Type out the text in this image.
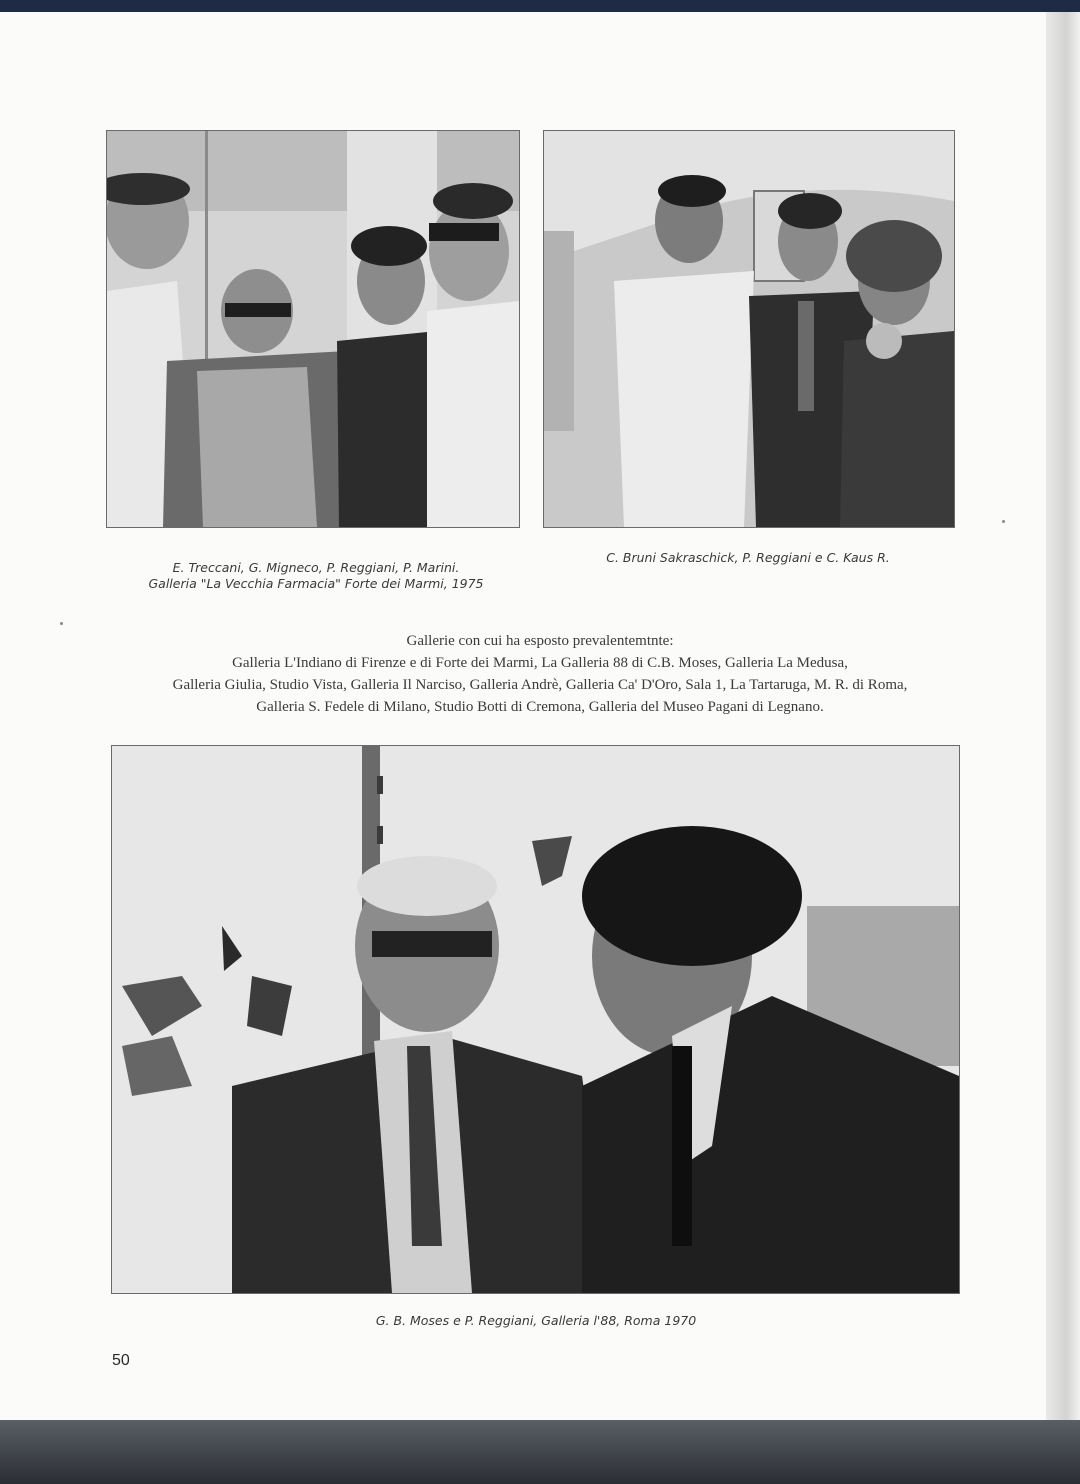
E. Treccani, G. Migneco, P. Reggiani, P. Marini.
Galleria "La Vecchia Farmacia" Forte dei Marmi, 1975
C. Bruni Sakraschick, P. Reggiani e C. Kaus R.
Gallerie con cui ha esposto prevalentemtnte:
Galleria L'Indiano di Firenze e di Forte dei Marmi, La Galleria 88 di C.B. Moses, Galleria La Medusa,
Galleria Giulia, Studio Vista, Galleria Il Narciso, Galleria Andrè, Galleria Ca' D'Oro, Sala 1, La Tartaruga, M. R. di Roma,
Galleria S. Fedele di Milano, Studio Botti di Cremona, Galleria del Museo Pagani di Legnano.
G. B. Moses e P. Reggiani, Galleria l'88, Roma 1970
50
